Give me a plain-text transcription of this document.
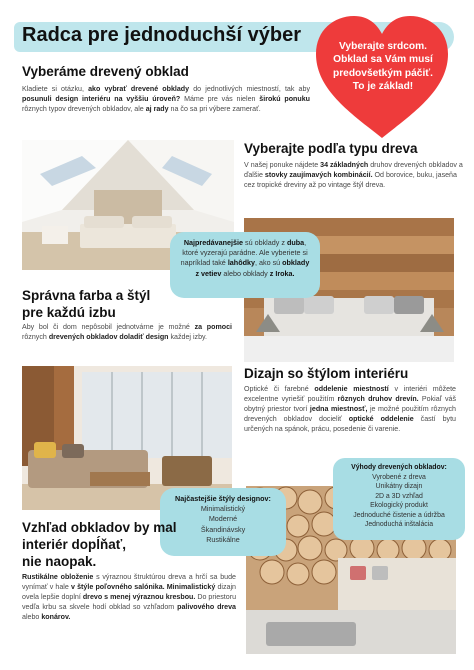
Radca pre jednoduchší výber
Vyberajte srdcom.
Obklad sa Vám musí
predovšetkým páčiť.
To je základ!
Vyberáme drevený obklad
Kladiete si otázku, ako vybrať drevené obklady do jednotlivých miestností, tak aby posunuli design interiéru na vyššiu úroveň? Máme pre vás nielen širokú ponuku rôznych typov drevených obkladov, ale aj rady na čo sa pri výbere zamerať.
Vyberajte podľa typu dreva
V našej ponuke nájdete 34 základných druhov drevených obkladov a ďalšie stovky zaujímavých kombinácií. Od borovice, buku, jaseňa cez tropické dreviny až po vintage štýl dreva.
Najpredávanejšie sú obklady z duba, ktoré vyzerajú parádne. Ale vyberiete si napríklad také lahôdky, ako sú obklady z vetiev alebo obklady z Iroka.
Správna farba a štýl
pre každú izbu
Aby bol či dom nepôsobil jednotvárne je možné za pomoci rôznych drevených obkladov doladiť design každej izby.
Dizajn so štýlom interiéru
Optické či farebné oddelenie miestností v interiéri môžete excelentne vyriešiť použitím rôznych druhov drevín. Pokiaľ váš obytný priestor tvorí jedna miestnosť, je možné použitím rôznych drevených obkladov docieliť optické oddelenie častí bytu určených na spánok, prácu, posedenie či varenie.
Výhody drevených obkladov:
Vyrobené z dreva
Unikátny dizajn
2D a 3D vzhľad
Ekologický produkt
Jednoduché čistenie a údržba
Jednoduchá inštalácia
Najčastejšie štýly designov:
Minimalistický
Moderné
Škandinávsky
Rustikálne
Vzhľad obkladov by mal
interiér dopĺňať,
nie naopak.
Rustikálne obloženie s výraznou štruktúrou dreva a hrčí sa bude vynímať v hale v štýle poľovného salónika. Minimalistický dizajn ovela lepšie doplní drevo s menej výraznou kresbou. Do priestoru vedľa krbu sa skvele hodí obklad so vzhľadom palivového dreva alebo konárov.
